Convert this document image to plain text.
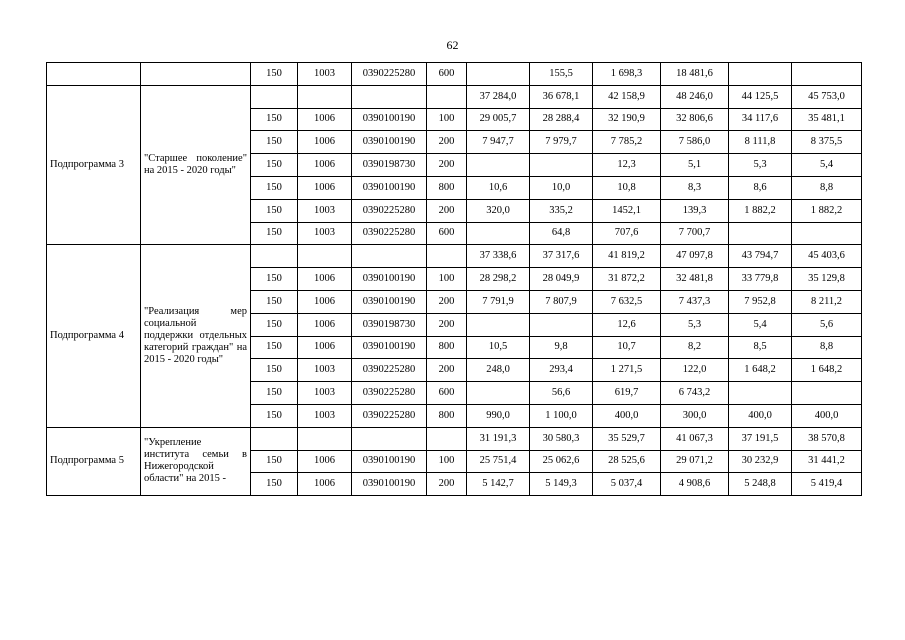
62
		150	1003	0390225280	600		155,5	1 698,3	18 481,6		
Подпрограмма 3	"Старшее поколение" на 2015 - 2020 годы"					37 284,0	36 678,1	42 158,9	48 246,0	44 125,5	45 753,0
		150	1006	0390100190	100	29 005,7	28 288,4	32 190,9	32 806,6	34 117,6	35 481,1
		150	1006	0390100190	200	7 947,7	7 979,7	7 785,2	7 586,0	8 111,8	8 375,5
		150	1006	0390198730	200			12,3	5,1	5,3	5,4
		150	1006	0390100190	800	10,6	10,0	10,8	8,3	8,6	8,8
		150	1003	0390225280	200	320,0	335,2	1452,1	139,3	1 882,2	1 882,2
		150	1003	0390225280	600		64,8	707,6	7 700,7		
Подпрограмма 4	"Реализация мер социальной поддержки отдельных категорий граждан" на 2015 - 2020 годы"					37 338,6	37 317,6	41 819,2	47 097,8	43 794,7	45 403,6
		150	1006	0390100190	100	28 298,2	28 049,9	31 872,2	32 481,8	33 779,8	35 129,8
		150	1006	0390100190	200	7 791,9	7 807,9	7 632,5	7 437,3	7 952,8	8 211,2
		150	1006	0390198730	200			12,6	5,3	5,4	5,6
		150	1006	0390100190	800	10,5	9,8	10,7	8,2	8,5	8,8
		150	1003	0390225280	200	248,0	293,4	1 271,5	122,0	1 648,2	1 648,2
		150	1003	0390225280	600		56,6	619,7	6 743,2		
		150	1003	0390225280	800	990,0	1 100,0	400,0	300,0	400,0	400,0
Подпрограмма 5	"Укрепление института семьи в Нижегородской области" на 2015 -					31 191,3	30 580,3	35 529,7	41 067,3	37 191,5	38 570,8
		150	1006	0390100190	100	25 751,4	25 062,6	28 525,6	29 071,2	30 232,9	31 441,2
		150	1006	0390100190	200	5 142,7	5 149,3	5 037,4	4 908,6	5 248,8	5 419,4
